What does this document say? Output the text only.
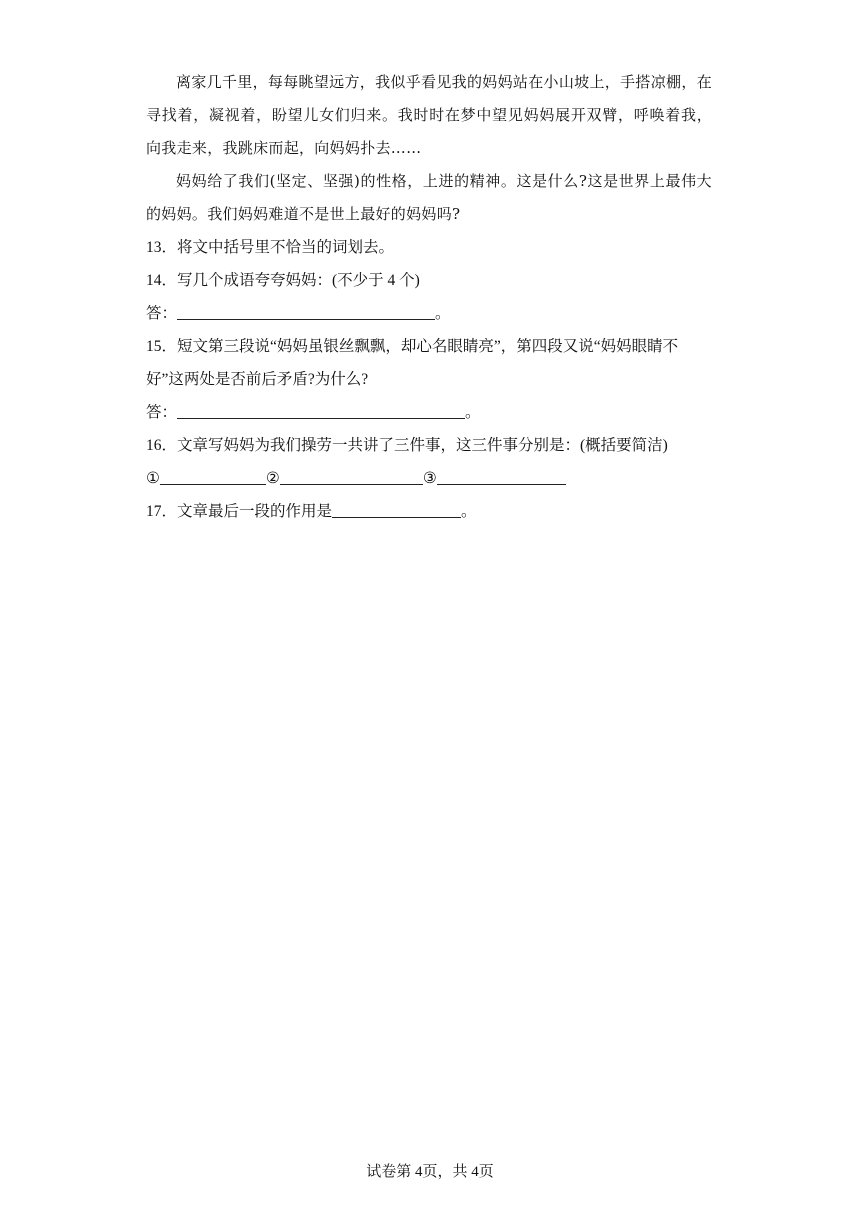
离家几千里，每每眺望远方，我似乎看见我的妈妈站在小山坡上，手搭凉棚，在寻找着，凝视着，盼望儿女们归来。我时时在梦中望见妈妈展开双臂，呼唤着我，向我走来，我跳床而起，向妈妈扑去……

妈妈给了我们(坚定、坚强)的性格，上进的精神。这是什么?这是世界上最伟大的妈妈。我们妈妈难道不是世上最好的妈妈吗?

13．将文中括号里不恰当的词划去。

14．写几个成语夸夸妈妈：(不少于 4 个)

答：	。

15．短文第三段说“妈妈虽银丝飘飘，却心名眼睛亮”，第四段又说“妈妈眼睛不好”这两处是否前后矛盾?为什么?

答：	。

16．文章写妈妈为我们操劳一共讲了三件事，这三件事分别是：(概括要简洁)

①	②	③

17．文章最后一段的作用是	。

试卷第 4页，共 4页
